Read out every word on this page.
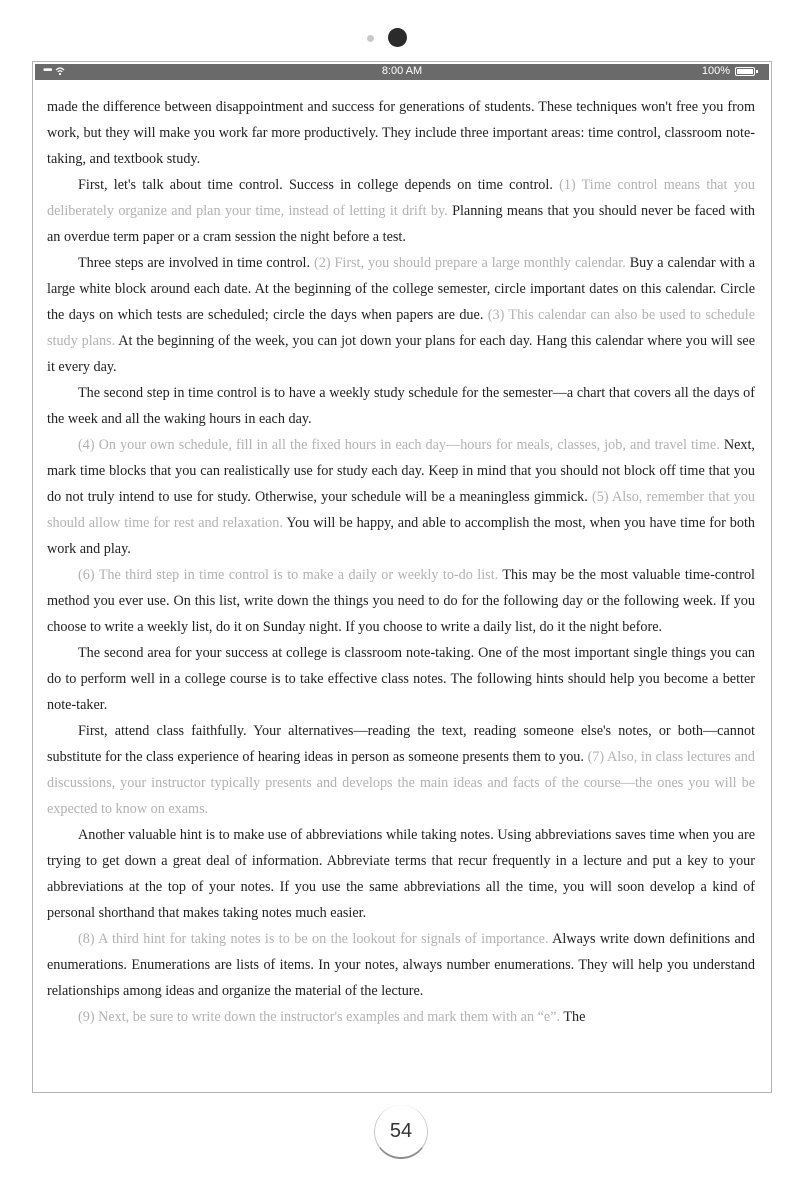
•••••	8:00 AM	100%

made the difference between disappointment and success for generations of students. These techniques won't free you from work, but they will make you work far more productively. They include three important areas: time control, classroom note-taking, and textbook study.

First, let's talk about time control. Success in college depends on time control. (1) Time control means that you deliberately organize and plan your time, instead of letting it drift by. Planning means that you should never be faced with an overdue term paper or a cram session the night before a test.

Three steps are involved in time control. (2) First, you should prepare a large monthly calendar. Buy a calendar with a large white block around each date. At the beginning of the college semester, circle important dates on this calendar. Circle the days on which tests are scheduled; circle the days when papers are due. (3) This calendar can also be used to schedule study plans. At the beginning of the week, you can jot down your plans for each day. Hang this calendar where you will see it every day.

The second step in time control is to have a weekly study schedule for the semester—a chart that covers all the days of the week and all the waking hours in each day.

(4) On your own schedule, fill in all the fixed hours in each day—hours for meals, classes, job, and travel time. Next, mark time blocks that you can realistically use for study each day. Keep in mind that you should not block off time that you do not truly intend to use for study. Otherwise, your schedule will be a meaningless gimmick. (5) Also, remember that you should allow time for rest and relaxation. You will be happy, and able to accomplish the most, when you have time for both work and play.

(6) The third step in time control is to make a daily or weekly to-do list. This may be the most valuable time-control method you ever use. On this list, write down the things you need to do for the following day or the following week. If you choose to write a weekly list, do it on Sunday night. If you choose to write a daily list, do it the night before.

The second area for your success at college is classroom note-taking. One of the most important single things you can do to perform well in a college course is to take effective class notes. The following hints should help you become a better note-taker.

First, attend class faithfully. Your alternatives—reading the text, reading someone else's notes, or both—cannot substitute for the class experience of hearing ideas in person as someone presents them to you. (7) Also, in class lectures and discussions, your instructor typically presents and develops the main ideas and facts of the course—the ones you will be expected to know on exams.

Another valuable hint is to make use of abbreviations while taking notes. Using abbreviations saves time when you are trying to get down a great deal of information. Abbreviate terms that recur frequently in a lecture and put a key to your abbreviations at the top of your notes. If you use the same abbreviations all the time, you will soon develop a kind of personal shorthand that makes taking notes much easier.

(8) A third hint for taking notes is to be on the lookout for signals of importance. Always write down definitions and enumerations. Enumerations are lists of items. In your notes, always number enumerations. They will help you understand relationships among ideas and organize the material of the lecture.

(9) Next, be sure to write down the instructor's examples and mark them with an “e”. The

54
